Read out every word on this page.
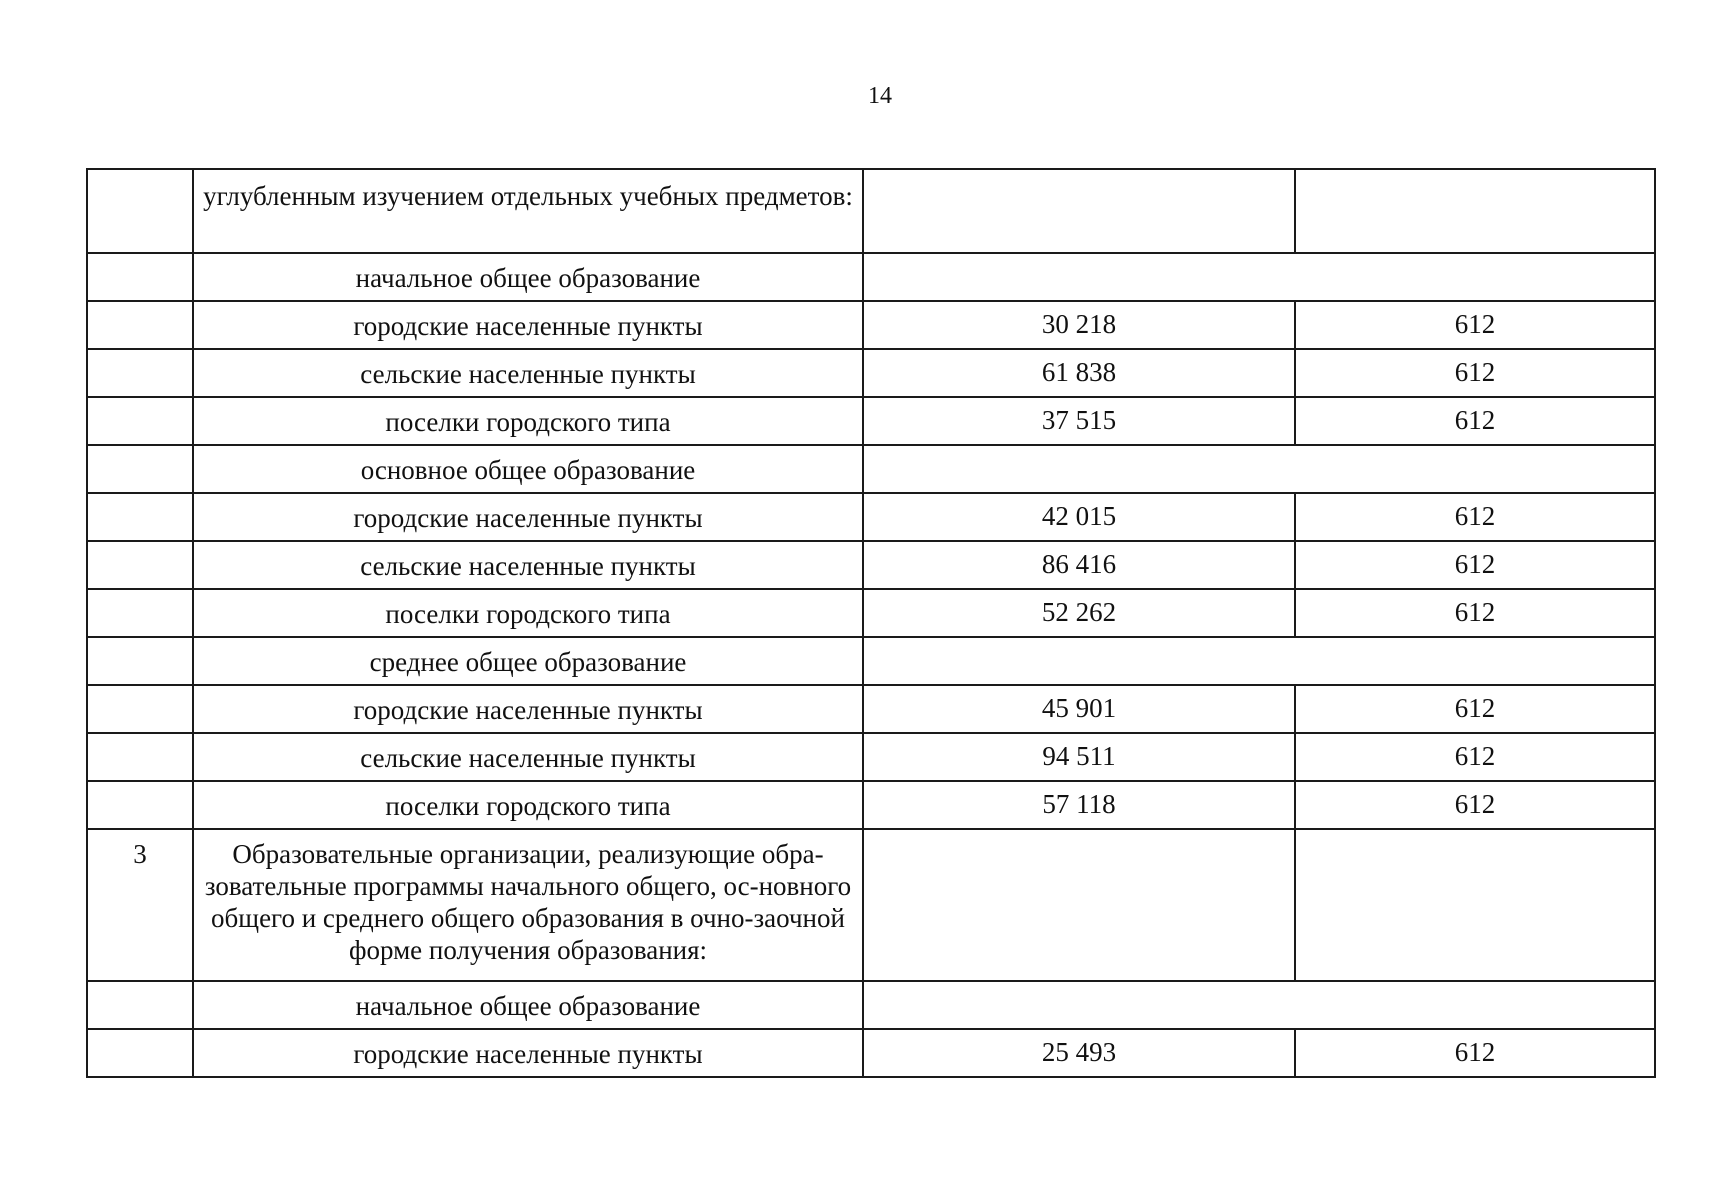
14
	углубленным изучением отдельных учебных предметов:		
	начальное общее образование		
	городские населенные пункты	30 218	612
	сельские населенные пункты	61 838	612
	поселки городского типа	37 515	612
	основное общее образование		
	городские населенные пункты	42 015	612
	сельские населенные пункты	86 416	612
	поселки городского типа	52 262	612
	среднее общее образование		
	городские населенные пункты	45 901	612
	сельские населенные пункты	94 511	612
	поселки городского типа	57 118	612
3	Образовательные организации, реализующие обра-зовательные программы начального общего, ос-новного общего и среднего общего образования в очно-заочной форме получения образования:		
	начальное общее образование		
	городские населенные пункты	25 493	612
